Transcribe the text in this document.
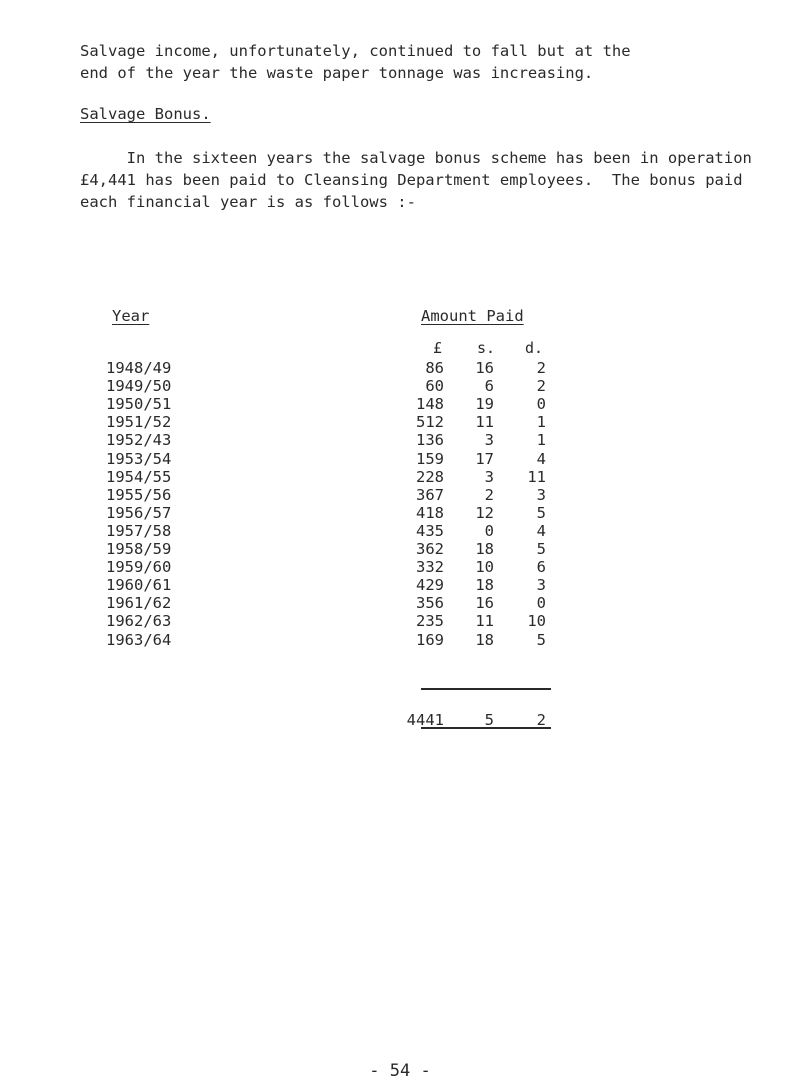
Salvage income, unfortunately, continued to fall but at the
end of the year the waste paper tonnage was increasing.
Salvage Bonus.
In the sixteen years the salvage bonus scheme has been in operation
£4,441 has been paid to Cleansing Department employees.  The bonus paid
each financial year is as follows :-
Year	Amount Paid
£ s. d.
1948/49	86	16	2
1949/50	60	6	2
1950/51	148	19	0
1951/52	512	11	1
1952/43	136	3	1
1953/54	159	17	4
1954/55	228	3	11
1955/56	367	2	3
1956/57	418	12	5
1957/58	435	0	4
1958/59	362	18	5
1959/60	332	10	6
1960/61	429	18	3
1961/62	356	16	0
1962/63	235	11	10
1963/64	169	18	5
4441	5	2
- 54 -
